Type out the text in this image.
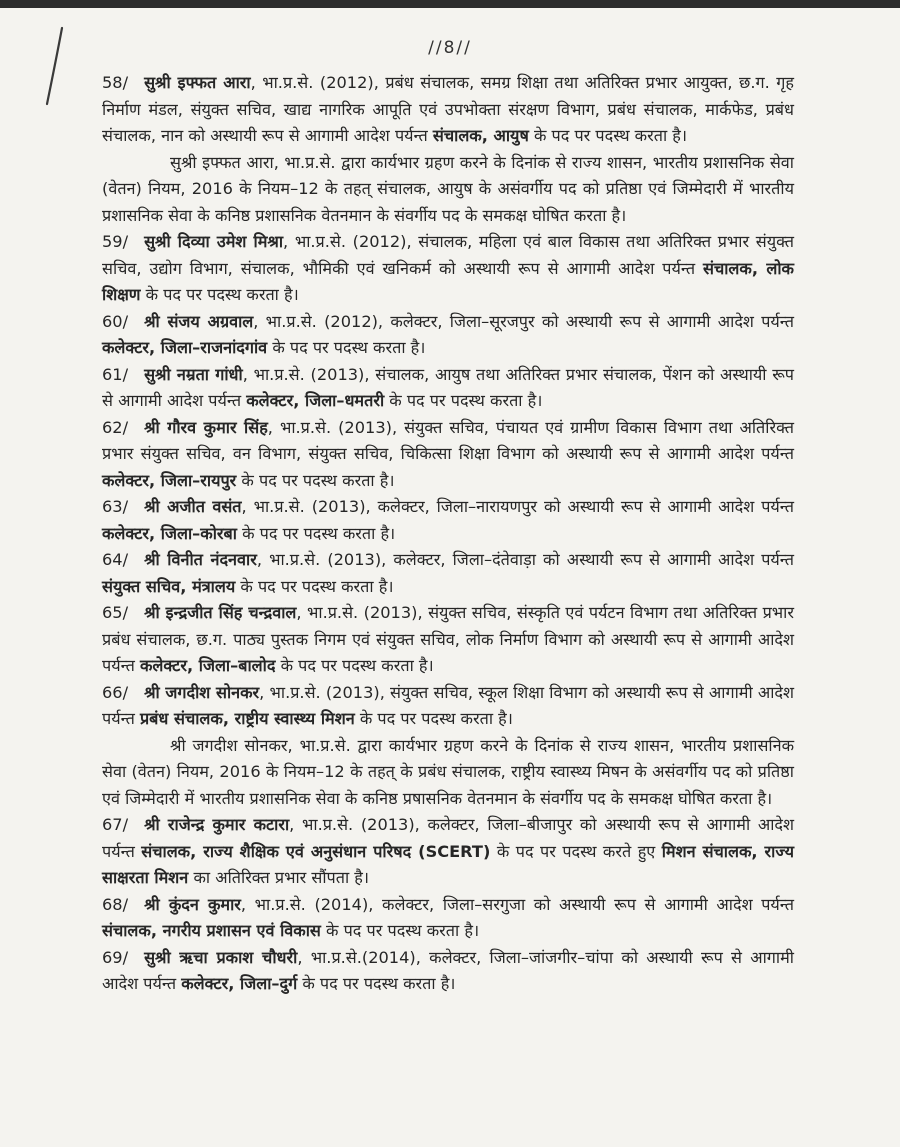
//8//

58/ सुश्री इफ्फत आरा, भा.प्र.से. (2012), प्रबंध संचालक, समग्र शिक्षा तथा अतिरिक्त प्रभार आयुक्त, छ.ग. गृह निर्माण मंडल, संयुक्त सचिव, खाद्य नागरिक आपूति एवं उपभोक्ता संरक्षण विभाग, प्रबंध संचालक, मार्कफेड, प्रबंध संचालक, नान को अस्थायी रूप से आगामी आदेश पर्यन्त संचालक, आयुष के पद पर पदस्थ करता है।

सुश्री इफ्फत आरा, भा.प्र.से. द्वारा कार्यभार ग्रहण करने के दिनांक से राज्य शासन, भारतीय प्रशासनिक सेवा (वेतन) नियम, 2016 के नियम–12 के तहत् संचालक, आयुष के असंवर्गीय पद को प्रतिष्ठा एवं जिम्मेदारी में भारतीय प्रशासनिक सेवा के कनिष्ठ प्रशासनिक वेतनमान के संवर्गीय पद के समकक्ष घोषित करता है।

59/ सुश्री दिव्या उमेश मिश्रा, भा.प्र.से. (2012), संचालक, महिला एवं बाल विकास तथा अतिरिक्त प्रभार संयुक्त सचिव, उद्योग विभाग, संचालक, भौमिकी एवं खनिकर्म को अस्थायी रूप से आगामी आदेश पर्यन्त संचालक, लोक शिक्षण के पद पर पदस्थ करता है।

60/ श्री संजय अग्रवाल, भा.प्र.से. (2012), कलेक्टर, जिला–सूरजपुर को अस्थायी रूप से आगामी आदेश पर्यन्त कलेक्टर, जिला–राजनांदगांव के पद पर पदस्थ करता है।

61/ सुश्री नम्रता गांधी, भा.प्र.से. (2013), संचालक, आयुष तथा अतिरिक्त प्रभार संचालक, पेंशन को अस्थायी रूप से आगामी आदेश पर्यन्त कलेक्टर, जिला–धमतरी के पद पर पदस्थ करता है।

62/ श्री गौरव कुमार सिंह, भा.प्र.से. (2013), संयुक्त सचिव, पंचायत एवं ग्रामीण विकास विभाग तथा अतिरिक्त प्रभार संयुक्त सचिव, वन विभाग, संयुक्त सचिव, चिकित्सा शिक्षा विभाग को अस्थायी रूप से आगामी आदेश पर्यन्त कलेक्टर, जिला–रायपुर के पद पर पदस्थ करता है।

63/ श्री अजीत वसंत, भा.प्र.से. (2013), कलेक्टर, जिला–नारायणपुर को अस्थायी रूप से आगामी आदेश पर्यन्त कलेक्टर, जिला–कोरबा के पद पर पदस्थ करता है।

64/ श्री विनीत नंदनवार, भा.प्र.से. (2013), कलेक्टर, जिला–दंतेवाड़ा को अस्थायी रूप से आगामी आदेश पर्यन्त संयुक्त सचिव, मंत्रालय के पद पर पदस्थ करता है।

65/ श्री इन्द्रजीत सिंह चन्द्रवाल, भा.प्र.से. (2013), संयुक्त सचिव, संस्कृति एवं पर्यटन विभाग तथा अतिरिक्त प्रभार प्रबंध संचालक, छ.ग. पाठ्य पुस्तक निगम एवं संयुक्त सचिव, लोक निर्माण विभाग को अस्थायी रूप से आगामी आदेश पर्यन्त कलेक्टर, जिला–बालोद के पद पर पदस्थ करता है।

66/ श्री जगदीश सोनकर, भा.प्र.से. (2013), संयुक्त सचिव, स्कूल शिक्षा विभाग को अस्थायी रूप से आगामी आदेश पर्यन्त प्रबंध संचालक, राष्ट्रीय स्वास्थ्य मिशन के पद पर पदस्थ करता है।

श्री जगदीश सोनकर, भा.प्र.से. द्वारा कार्यभार ग्रहण करने के दिनांक से राज्य शासन, भारतीय प्रशासनिक सेवा (वेतन) नियम, 2016 के नियम–12 के तहत् के प्रबंध संचालक, राष्ट्रीय स्वास्थ्य मिषन के असंवर्गीय पद को प्रतिष्ठा एवं जिम्मेदारी में भारतीय प्रशासनिक सेवा के कनिष्ठ प्रषासनिक वेतनमान के संवर्गीय पद के समकक्ष घोषित करता है।

67/ श्री राजेन्द्र कुमार कटारा, भा.प्र.से. (2013), कलेक्टर, जिला–बीजापुर को अस्थायी रूप से आगामी आदेश पर्यन्त संचालक, राज्य शैक्षिक एवं अनुसंधान परिषद (SCERT) के पद पर पदस्थ करते हुए मिशन संचालक, राज्य साक्षरता मिशन का अतिरिक्त प्रभार सौंपता है।

68/ श्री कुंदन कुमार, भा.प्र.से. (2014), कलेक्टर, जिला–सरगुजा को अस्थायी रूप से आगामी आदेश पर्यन्त संचालक, नगरीय प्रशासन एवं विकास के पद पर पदस्थ करता है।

69/ सुश्री ऋचा प्रकाश चौधरी, भा.प्र.से.(2014), कलेक्टर, जिला–जांजगीर–चांपा को अस्थायी रूप से आगामी आदेश पर्यन्त कलेक्टर, जिला–दुर्ग के पद पर पदस्थ करता है।
